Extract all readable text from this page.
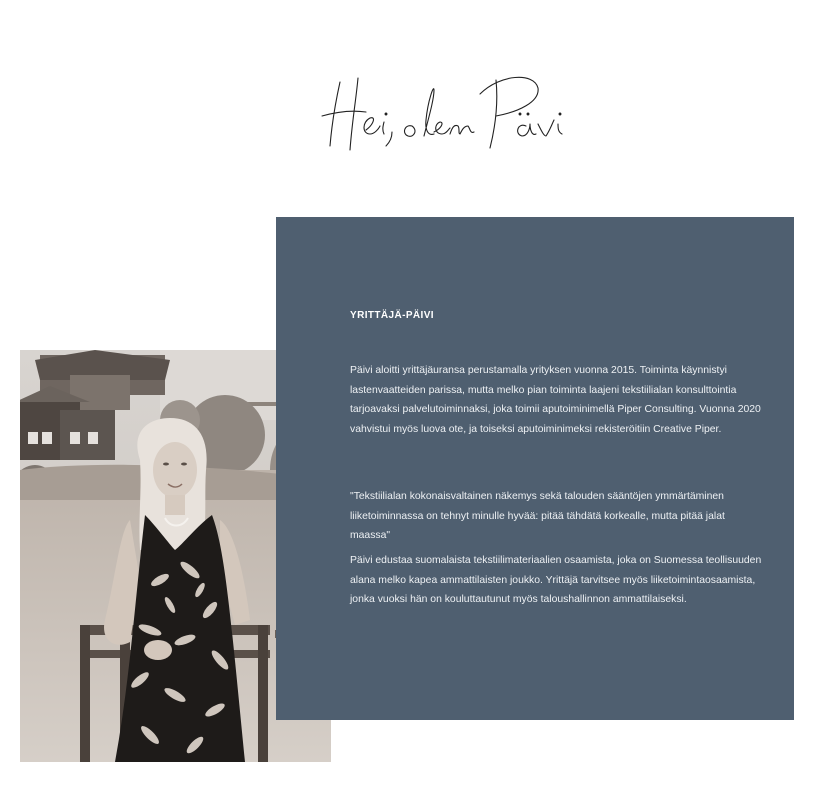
YRITTÄJÄ-PÄIVI

Päivi aloitti yrittäjäuransa perustamalla yrityksen vuonna 2015. Toiminta käynnistyi lastenvaatteiden parissa, mutta melko pian toiminta laajeni tekstiilialan konsulttointia tarjoavaksi palvelutoiminnaksi, joka toimii aputoiminimellä Piper Consulting. Vuonna 2020 vahvistui myös luova ote, ja toiseksi aputoiminimeksi rekisteröitiin Creative Piper.

"Tekstiilialan kokonaisvaltainen näkemys sekä talouden sääntöjen ymmärtäminen liiketoiminnassa on tehnyt minulle hyvää: pitää tähdätä korkealle, mutta pitää jalat maassa"

Päivi edustaa suomalaista tekstiilimateriaalien osaamista, joka on Suomessa teollisuuden alana melko kapea ammattilaisten joukko. Yrittäjä tarvitsee myös liiketoimintaosaamista, jonka vuoksi hän on kouluttautunut myös taloushallinnon ammattilaiseksi.
